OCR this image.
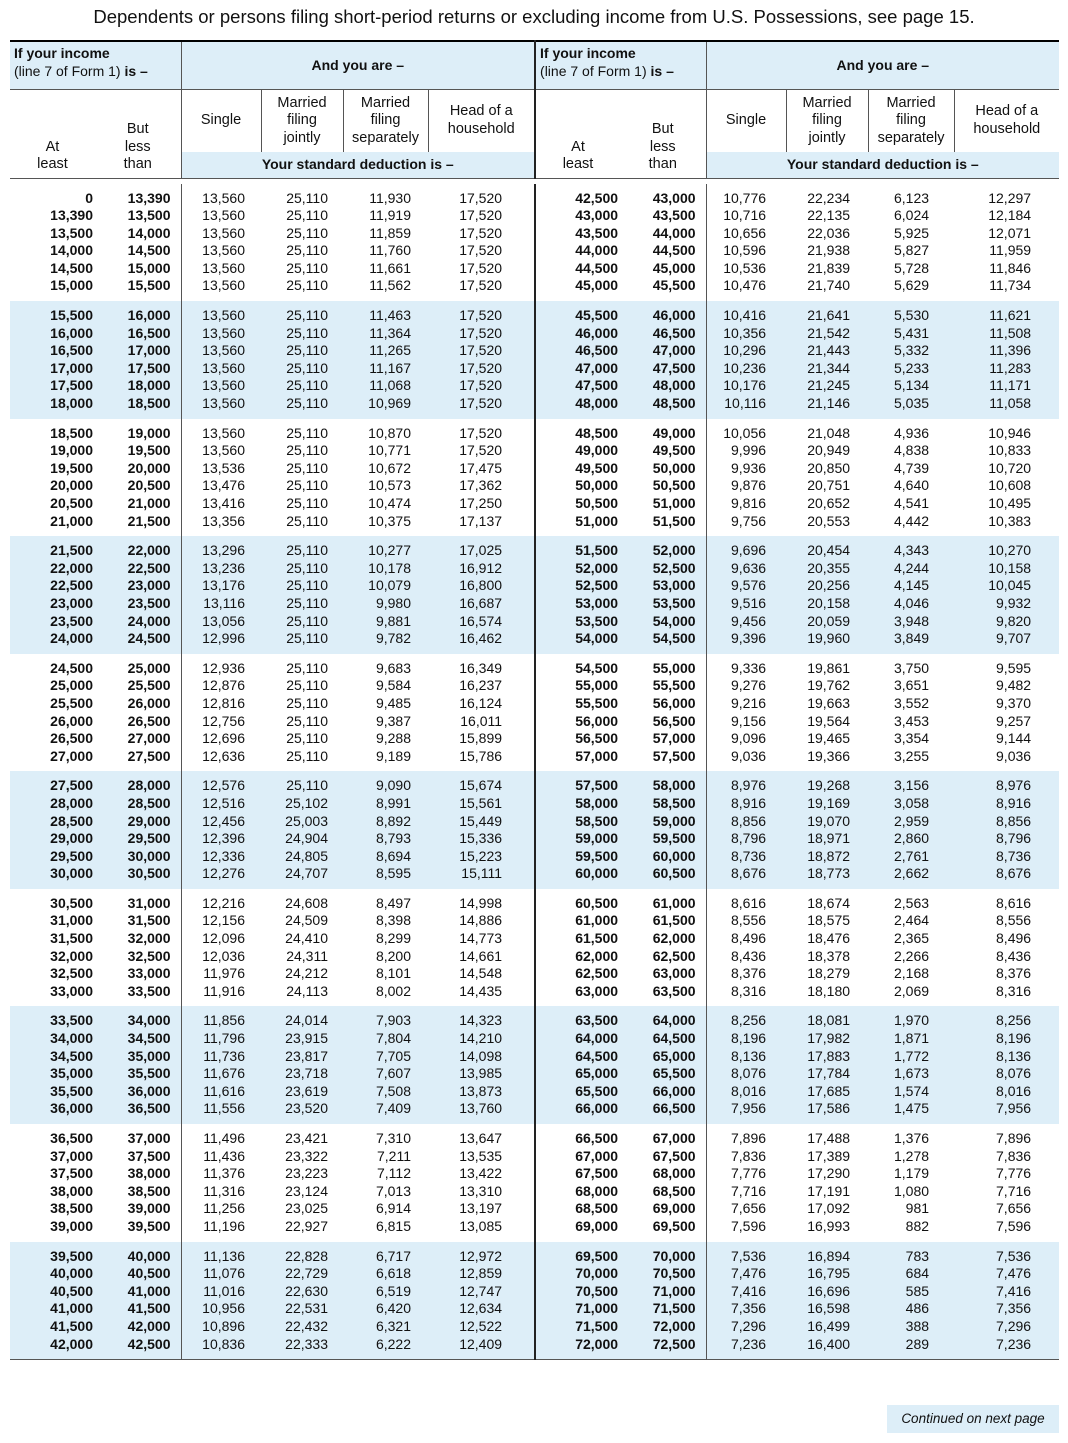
Dependents or persons filing short-period returns or excluding income from U.S. Possessions, see page 15.
If your income
(line 7 of Form 1) is –		And you are –				If your income
(line 7 of Form 1) is –		And you are –			
At least	But less than	Single	Married filing jointly	Married filing separately	Head of a household	At least	But less than	Single	Married filing jointly	Married filing separately	Head of a household
		Your standard deduction is –						Your standard deduction is –			

0	13,390	13,560	25,110	11,930	17,520	42,500	43,000	10,776	22,234	6,123	12,297
13,390	13,500	13,560	25,110	11,919	17,520	43,000	43,500	10,716	22,135	6,024	12,184
13,500	14,000	13,560	25,110	11,859	17,520	43,500	44,000	10,656	22,036	5,925	12,071
14,000	14,500	13,560	25,110	11,760	17,520	44,000	44,500	10,596	21,938	5,827	11,959
14,500	15,000	13,560	25,110	11,661	17,520	44,500	45,000	10,536	21,839	5,728	11,846
15,000	15,500	13,560	25,110	11,562	17,520	45,000	45,500	10,476	21,740	5,629	11,734
15,500	16,000	13,560	25,110	11,463	17,520	45,500	46,000	10,416	21,641	5,530	11,621
16,000	16,500	13,560	25,110	11,364	17,520	46,000	46,500	10,356	21,542	5,431	11,508
16,500	17,000	13,560	25,110	11,265	17,520	46,500	47,000	10,296	21,443	5,332	11,396
17,000	17,500	13,560	25,110	11,167	17,520	47,000	47,500	10,236	21,344	5,233	11,283
17,500	18,000	13,560	25,110	11,068	17,520	47,500	48,000	10,176	21,245	5,134	11,171
18,000	18,500	13,560	25,110	10,969	17,520	48,000	48,500	10,116	21,146	5,035	11,058
18,500	19,000	13,560	25,110	10,870	17,520	48,500	49,000	10,056	21,048	4,936	10,946
19,000	19,500	13,560	25,110	10,771	17,520	49,000	49,500	9,996	20,949	4,838	10,833
19,500	20,000	13,536	25,110	10,672	17,475	49,500	50,000	9,936	20,850	4,739	10,720
20,000	20,500	13,476	25,110	10,573	17,362	50,000	50,500	9,876	20,751	4,640	10,608
20,500	21,000	13,416	25,110	10,474	17,250	50,500	51,000	9,816	20,652	4,541	10,495
21,000	21,500	13,356	25,110	10,375	17,137	51,000	51,500	9,756	20,553	4,442	10,383
21,500	22,000	13,296	25,110	10,277	17,025	51,500	52,000	9,696	20,454	4,343	10,270
22,000	22,500	13,236	25,110	10,178	16,912	52,000	52,500	9,636	20,355	4,244	10,158
22,500	23,000	13,176	25,110	10,079	16,800	52,500	53,000	9,576	20,256	4,145	10,045
23,000	23,500	13,116	25,110	9,980	16,687	53,000	53,500	9,516	20,158	4,046	9,932
23,500	24,000	13,056	25,110	9,881	16,574	53,500	54,000	9,456	20,059	3,948	9,820
24,000	24,500	12,996	25,110	9,782	16,462	54,000	54,500	9,396	19,960	3,849	9,707
24,500	25,000	12,936	25,110	9,683	16,349	54,500	55,000	9,336	19,861	3,750	9,595
25,000	25,500	12,876	25,110	9,584	16,237	55,000	55,500	9,276	19,762	3,651	9,482
25,500	26,000	12,816	25,110	9,485	16,124	55,500	56,000	9,216	19,663	3,552	9,370
26,000	26,500	12,756	25,110	9,387	16,011	56,000	56,500	9,156	19,564	3,453	9,257
26,500	27,000	12,696	25,110	9,288	15,899	56,500	57,000	9,096	19,465	3,354	9,144
27,000	27,500	12,636	25,110	9,189	15,786	57,000	57,500	9,036	19,366	3,255	9,036
27,500	28,000	12,576	25,110	9,090	15,674	57,500	58,000	8,976	19,268	3,156	8,976
28,000	28,500	12,516	25,102	8,991	15,561	58,000	58,500	8,916	19,169	3,058	8,916
28,500	29,000	12,456	25,003	8,892	15,449	58,500	59,000	8,856	19,070	2,959	8,856
29,000	29,500	12,396	24,904	8,793	15,336	59,000	59,500	8,796	18,971	2,860	8,796
29,500	30,000	12,336	24,805	8,694	15,223	59,500	60,000	8,736	18,872	2,761	8,736
30,000	30,500	12,276	24,707	8,595	15,111	60,000	60,500	8,676	18,773	2,662	8,676
30,500	31,000	12,216	24,608	8,497	14,998	60,500	61,000	8,616	18,674	2,563	8,616
31,000	31,500	12,156	24,509	8,398	14,886	61,000	61,500	8,556	18,575	2,464	8,556
31,500	32,000	12,096	24,410	8,299	14,773	61,500	62,000	8,496	18,476	2,365	8,496
32,000	32,500	12,036	24,311	8,200	14,661	62,000	62,500	8,436	18,378	2,266	8,436
32,500	33,000	11,976	24,212	8,101	14,548	62,500	63,000	8,376	18,279	2,168	8,376
33,000	33,500	11,916	24,113	8,002	14,435	63,000	63,500	8,316	18,180	2,069	8,316
33,500	34,000	11,856	24,014	7,903	14,323	63,500	64,000	8,256	18,081	1,970	8,256
34,000	34,500	11,796	23,915	7,804	14,210	64,000	64,500	8,196	17,982	1,871	8,196
34,500	35,000	11,736	23,817	7,705	14,098	64,500	65,000	8,136	17,883	1,772	8,136
35,000	35,500	11,676	23,718	7,607	13,985	65,000	65,500	8,076	17,784	1,673	8,076
35,500	36,000	11,616	23,619	7,508	13,873	65,500	66,000	8,016	17,685	1,574	8,016
36,000	36,500	11,556	23,520	7,409	13,760	66,000	66,500	7,956	17,586	1,475	7,956
36,500	37,000	11,496	23,421	7,310	13,647	66,500	67,000	7,896	17,488	1,376	7,896
37,000	37,500	11,436	23,322	7,211	13,535	67,000	67,500	7,836	17,389	1,278	7,836
37,500	38,000	11,376	23,223	7,112	13,422	67,500	68,000	7,776	17,290	1,179	7,776
38,000	38,500	11,316	23,124	7,013	13,310	68,000	68,500	7,716	17,191	1,080	7,716
38,500	39,000	11,256	23,025	6,914	13,197	68,500	69,000	7,656	17,092	981	7,656
39,000	39,500	11,196	22,927	6,815	13,085	69,000	69,500	7,596	16,993	882	7,596
39,500	40,000	11,136	22,828	6,717	12,972	69,500	70,000	7,536	16,894	783	7,536
40,000	40,500	11,076	22,729	6,618	12,859	70,000	70,500	7,476	16,795	684	7,476
40,500	41,000	11,016	22,630	6,519	12,747	70,500	71,000	7,416	16,696	585	7,416
41,000	41,500	10,956	22,531	6,420	12,634	71,000	71,500	7,356	16,598	486	7,356
41,500	42,000	10,896	22,432	6,321	12,522	71,500	72,000	7,296	16,499	388	7,296
42,000	42,500	10,836	22,333	6,222	12,409	72,000	72,500	7,236	16,400	289	7,236

Continued on next page
